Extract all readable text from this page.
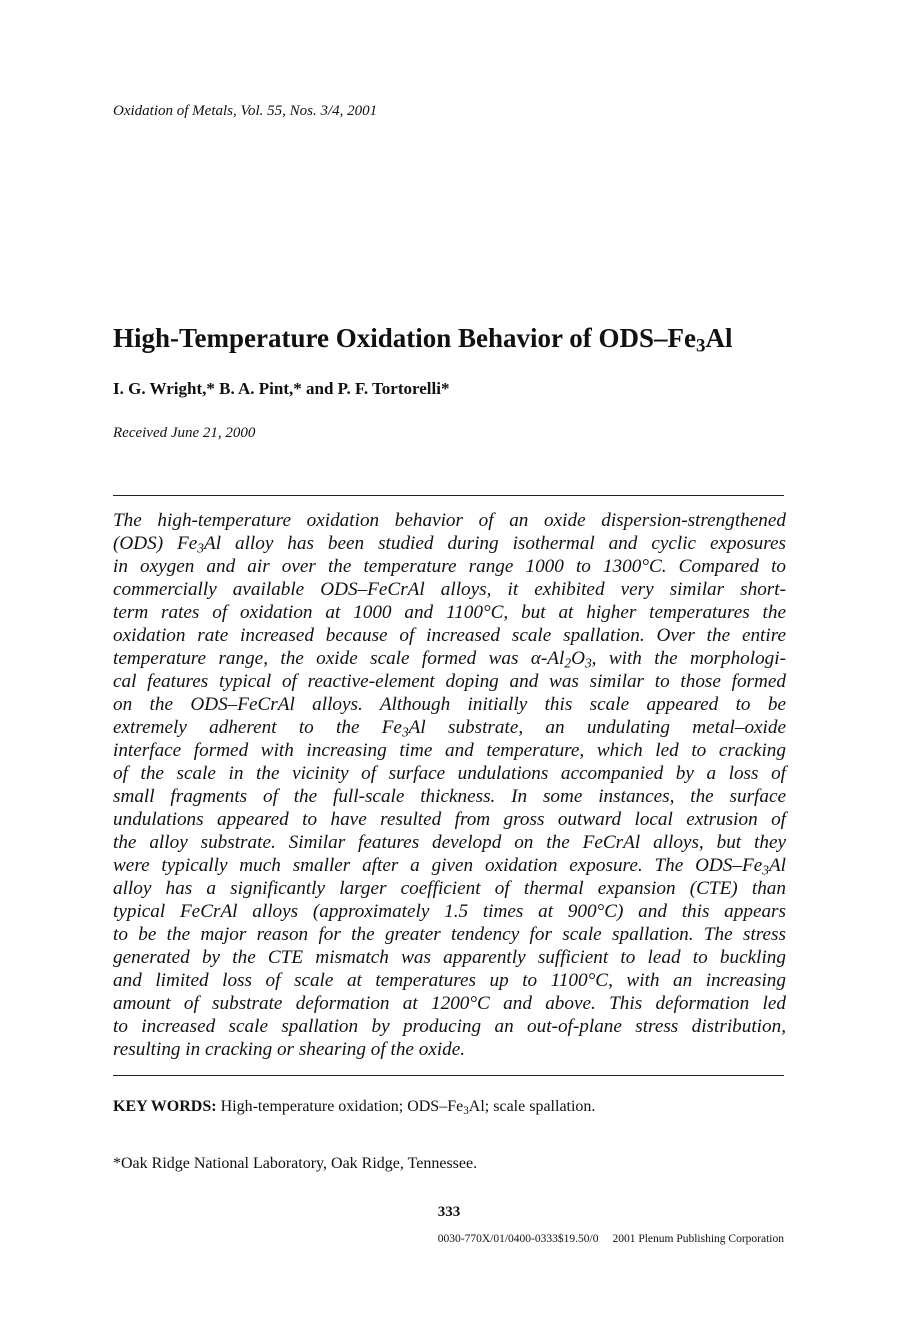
Oxidation of Metals, Vol. 55, Nos. 3/4, 2001
High-Temperature Oxidation Behavior of ODS–$Fe_3Al$
I. G. Wright,* B. A. Pint,* and P. F. Tortorelli*
Received June 21, 2000
The high-temperature oxidation behavior of an oxide dispersion-strengthened
(ODS) $Fe_3Al$ alloy has been studied during isothermal and cyclic exposures
in oxygen and air over the temperature range 1000 to 1300°C. Compared to
commercially available ODS–FeCrAl alloys, it exhibited very similar short-
term rates of oxidation at 1000 and 1100°C, but at higher temperatures the
oxidation rate increased because of increased scale spallation. Over the entire
temperature range, the oxide scale formed was $\alpha-Al_2O_3$, with the morphologi-
cal features typical of reactive-element doping and was similar to those formed
on the ODS–FeCrAl alloys. Although initially this scale appeared to be
extremely adherent to the $Fe_3Al$ substrate, an undulating metal–oxide
interface formed with increasing time and temperature, which led to cracking
of the scale in the vicinity of surface undulations accompanied by a loss of
small fragments of the full-scale thickness. In some instances, the surface
undulations appeared to have resulted from gross outward local extrusion of
the alloy substrate. Similar features developd on the FeCrAl alloys, but they
were typically much smaller after a given oxidation exposure. The ODS–$Fe_3Al$
alloy has a significantly larger coefficient of thermal expansion (CTE) than
typical FeCrAl alloys (approximately 1.5 times at 900°C) and this appears
to be the major reason for the greater tendency for scale spallation. The stress
generated by the CTE mismatch was apparently sufficient to lead to buckling
and limited loss of scale at temperatures up to 1100°C, with an increasing
amount of substrate deformation at 1200°C and above. This deformation led
to increased scale spallation by producing an out-of-plane stress distribution,
resulting in cracking or shearing of the oxide.
KEY WORDS: High-temperature oxidation; ODS–$Fe_3Al$; scale spallation.
*Oak Ridge National Laboratory, Oak Ridge, Tennessee.
333
0030-770X/01/0400-0333$19.50/0 2001 Plenum Publishing Corporation
